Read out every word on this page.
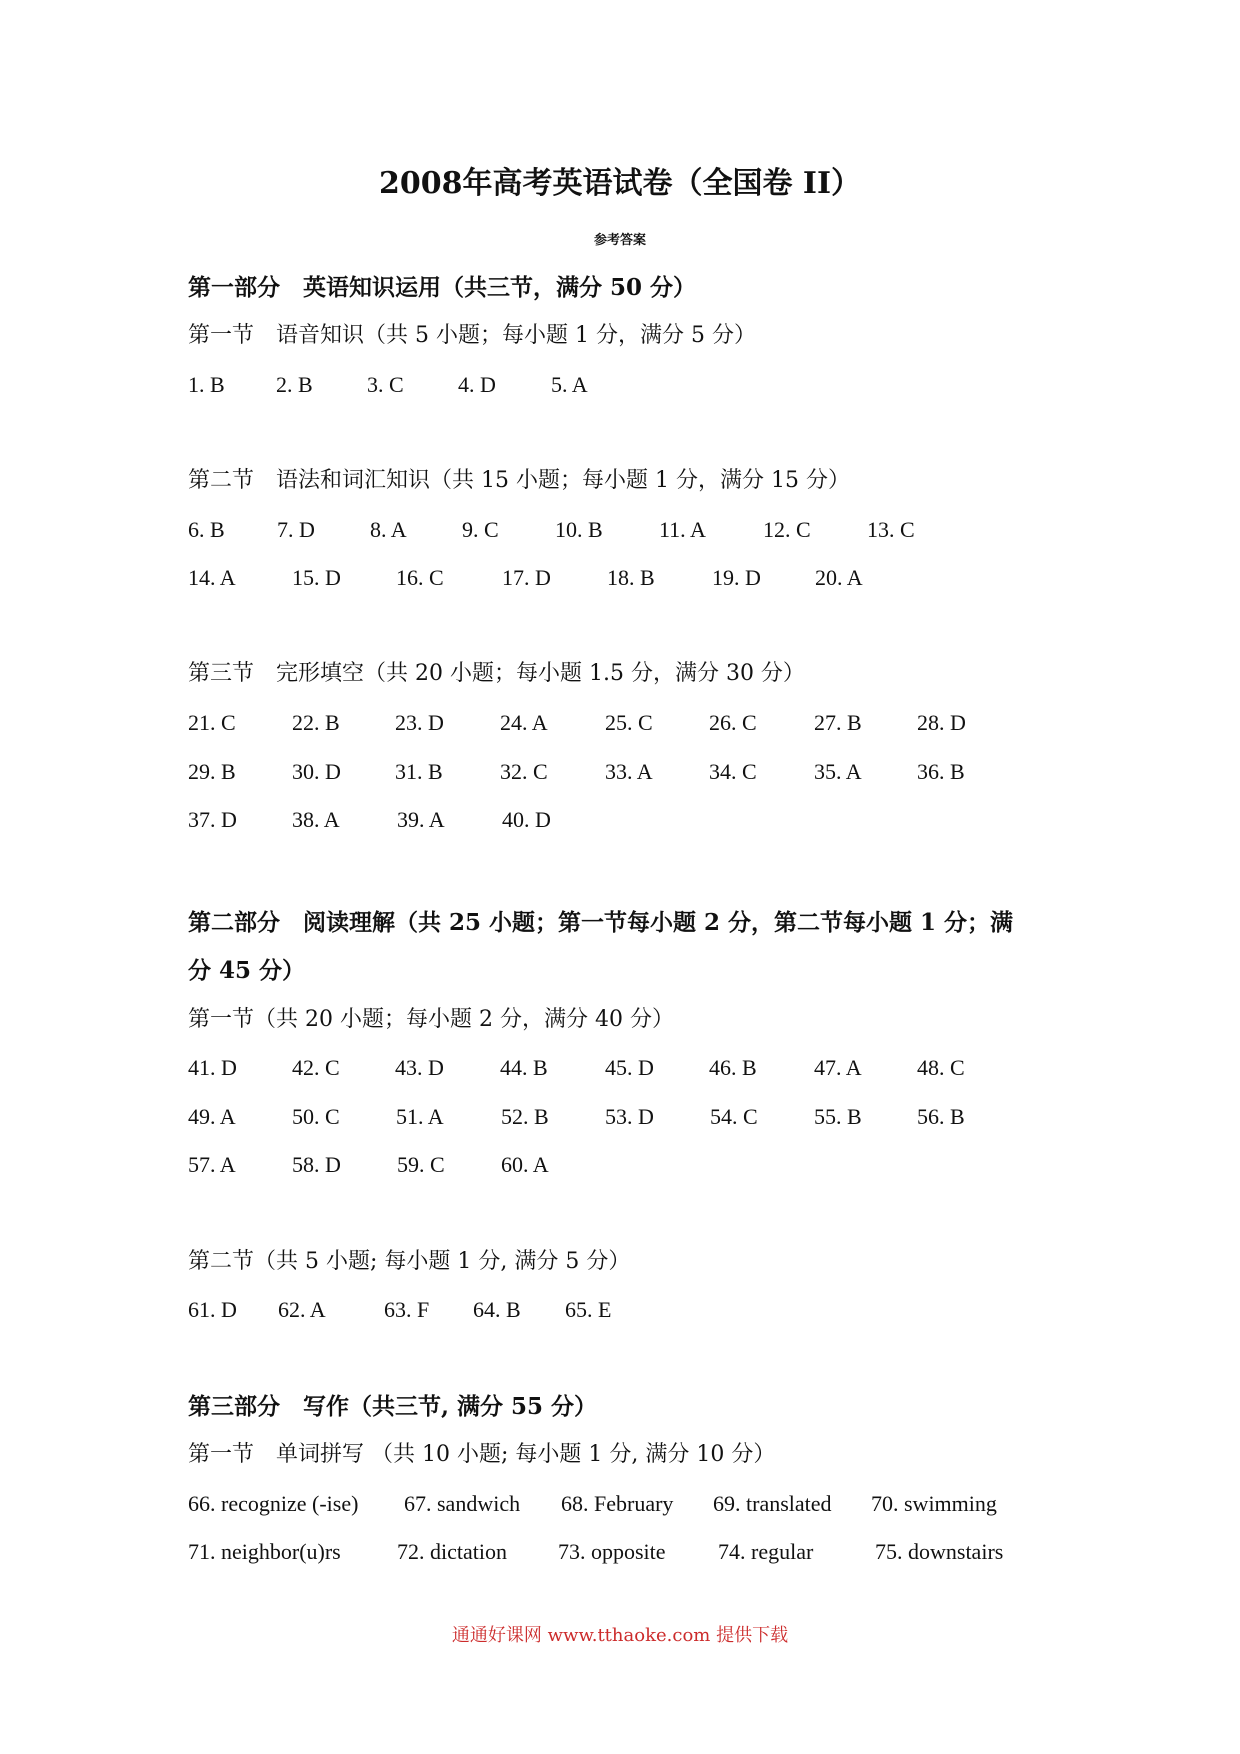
2008年高考英语试卷（全国卷 II）
参考答案
第一部分　英语知识运用（共三节，满分 50 分）
第一节　语音知识（共 5 小题；每小题 1 分，满分 5 分）
1. B 2. B 3. C 4. D	5. A
第二节　语法和词汇知识（共 15 小题；每小题 1 分，满分 15 分）
6. B 7. D	8. A	9. C	10. B	11. A	12. C	13. C
14. A	15. D	16. C	17. D	18. B	19. D 20. A
第三节　完形填空（共 20 小题；每小题 1.5 分，满分 30 分）
21. C	22. B	23. D	24. A	25. C	26. C	27. B	28. D
29. B	30. D 31. B	32. C	33. A	34. C	35. A	36. B
37. D	38. A	39. A	40. D
第二部分　阅读理解（共 25 小题；第一节每小题 2 分，第二节每小题 1 分；满
分 45 分）
第一节（共 20 小题；每小题 2 分，满分 40 分）
41. D	42. C	43. D	44. B	45. D	46. B	47. A	48. C
49. A	50. C	51. A	52. B	53. D	54. C	55. B	56. B
57. A	58. D	59. C	60. A
第二节（共 5 小题; 每小题 1 分, 满分 5 分）
61. D 62. A	63. F 64. B 65. E
第三部分　写作（共三节, 满分 55 分）
第一节　单词拼写 （共 10 小题; 每小题 1 分, 满分 10 分）
66. recognize (-ise) 67. sandwich 68. February 69. translated 70. swimming
71. neighbor(u)rs	72. dictation 73. opposite 74. regular	75. downstairs
通通好课网 www.tthaoke.com 提供下载
